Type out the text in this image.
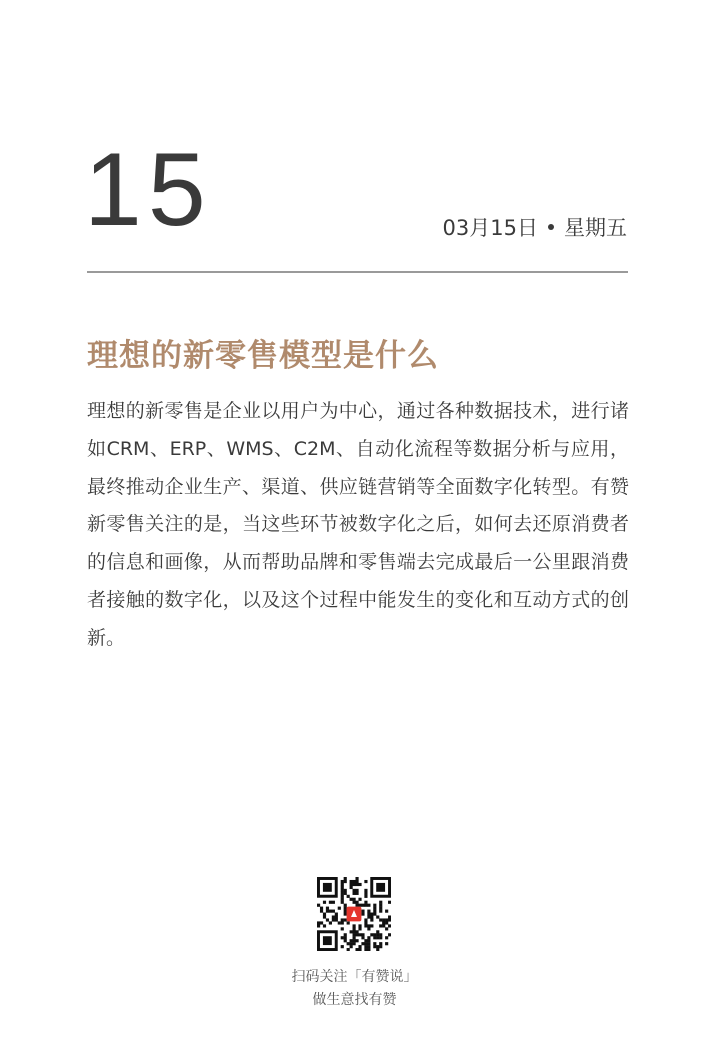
15	03月15日 星期五
理想的新零售模型是什么

理想的新零售是企业以用户为中心，通过各种数据技术，进行诸如CRM、ERP、WMS、C2M、自动化流程等数据分析与应用，最终推动企业生产、渠道、供应链营销等全面数字化转型。有赞新零售关注的是，当这些环节被数字化之后，如何去还原消费者的信息和画像，从而帮助品牌和零售端去完成最后一公里跟消费者接触的数字化，以及这个过程中能发生的变化和互动方式的创新。

扫码关注「有赞说」
做生意找有赞
